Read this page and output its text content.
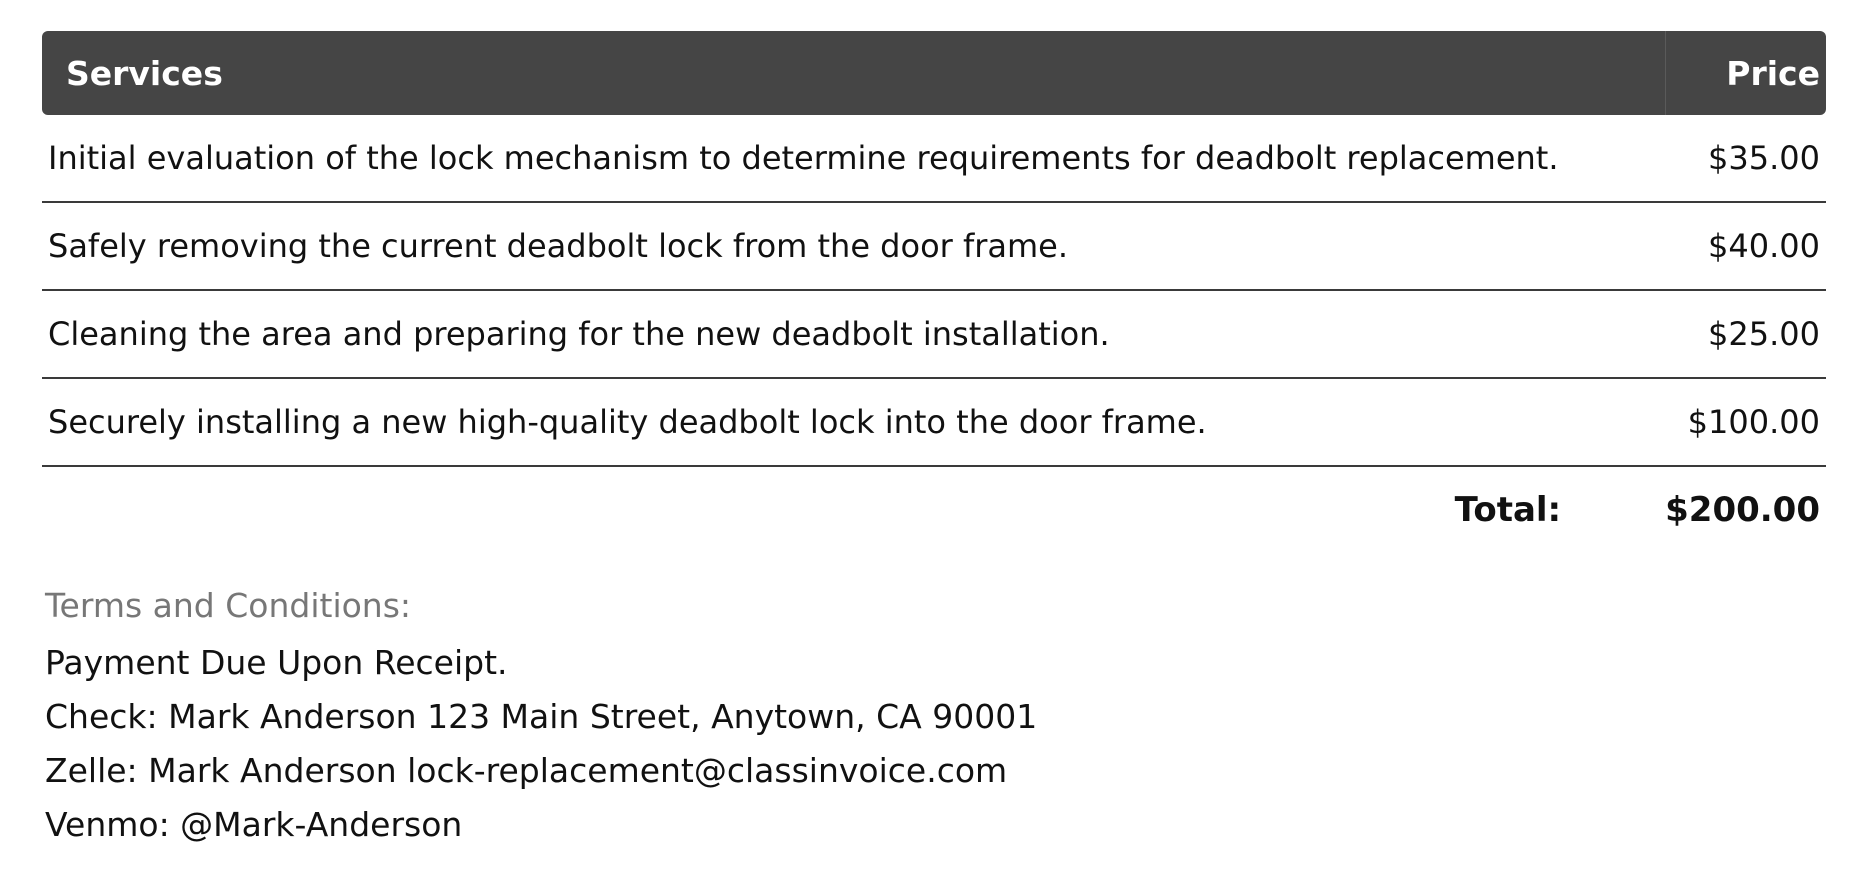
Services	Price
Initial evaluation of the lock mechanism to determine requirements for deadbolt replacement.	$35.00
Safely removing the current deadbolt lock from the door frame.	$40.00
Cleaning the area and preparing for the new deadbolt installation.	$25.00
Securely installing a new high-quality deadbolt lock into the door frame.	$100.00
Total:	$200.00
Terms and Conditions:
Payment Due Upon Receipt.
Check: Mark Anderson 123 Main Street, Anytown, CA 90001
Zelle: Mark Anderson lock-replacement@classinvoice.com
Venmo: @Mark-Anderson
